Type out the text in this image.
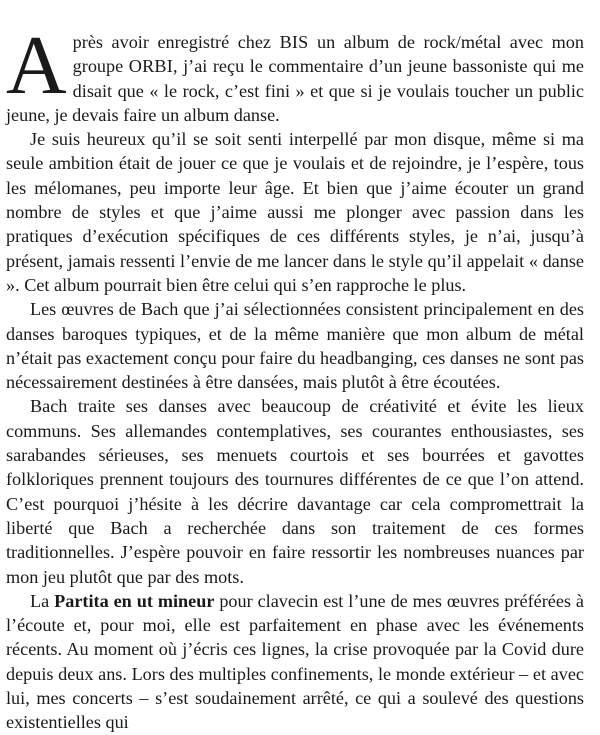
Après avoir enregistré chez BIS un album de rock/métal avec mon groupe ORBI, j’ai reçu le commentaire d’un jeune bassoniste qui me disait que « le rock, c’est fini » et que si je voulais toucher un public jeune, je devais faire un album danse.

Je suis heureux qu’il se soit senti interpellé par mon disque, même si ma seule ambition était de jouer ce que je voulais et de rejoindre, je l’espère, tous les mélomanes, peu importe leur âge. Et bien que j’aime écouter un grand nombre de styles et que j’aime aussi me plonger avec passion dans les pratiques d’exécution spécifiques de ces différents styles, je n’ai, jusqu’à présent, jamais ressenti l’envie de me lancer dans le style qu’il appelait « danse ». Cet album pourrait bien être celui qui s’en rapproche le plus.

Les œuvres de Bach que j’ai sélectionnées consistent principalement en des danses baroques typiques, et de la même manière que mon album de métal n’était pas exactement conçu pour faire du headbanging, ces danses ne sont pas nécessairement destinées à être dansées, mais plutôt à être écoutées.

Bach traite ses danses avec beaucoup de créativité et évite les lieux communs. Ses allemandes contemplatives, ses courantes enthousiastes, ses sarabandes sérieuses, ses menuets courtois et ses bourrées et gavottes folkloriques prennent toujours des tournures différentes de ce que l’on attend. C’est pourquoi j’hésite à les décrire davantage car cela compromettrait la liberté que Bach a recherchée dans son traitement de ces formes traditionnelles. J’espère pouvoir en faire ressortir les nombreuses nuances par mon jeu plutôt que par des mots.

La Partita en ut mineur pour clavecin est l’une de mes œuvres préférées à l’écoute et, pour moi, elle est parfaitement en phase avec les événements récents. Au moment où j’écris ces lignes, la crise provoquée par la Covid dure depuis deux ans. Lors des multiples confinements, le monde extérieur – et avec lui, mes concerts – s’est soudainement arrêté, ce qui a soulevé des questions existentielles qui
